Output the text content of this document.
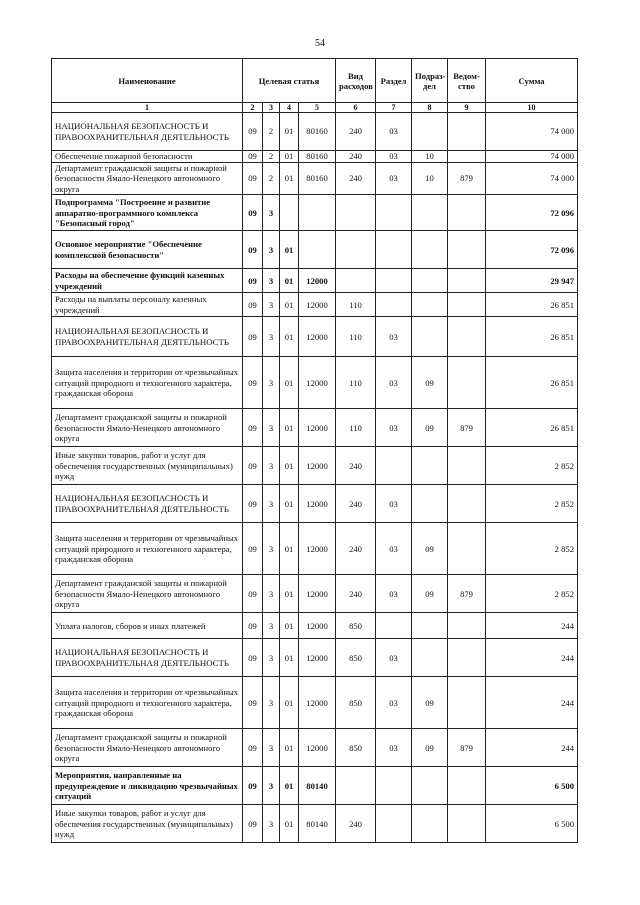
54
Наименование	Целевая статья				Вид расходов	Раздел	Подраз- дел	Ведом- ство	Сумма
1	2	3	4	5	6	7	8	9	10
НАЦИОНАЛЬНАЯ БЕЗОПАСНОСТЬ И ПРАВООХРАНИТЕЛЬНАЯ ДЕЯТЕЛЬНОСТЬ	09	2	01	80160	240	03			74 000
Обеспечение пожарной безопасности	09	2	01	80160	240	03	10		74 000
Департамент гражданской защиты и пожарной безопасности Ямало-Ненецкого автономного округа	09	2	01	80160	240	03	10	879	74 000
Подпрограмма "Построение и развитие аппаратно-программного комплекса "Безопасный город"	09	3							72 096
Основное мероприятие "Обеспечение комплексной безопасности"	09	3	01						72 096
Расходы на обеспечение функций казенных учреждений	09	3	01	12000					29 947
Расходы на выплаты персоналу казенных учреждений	09	3	01	12000	110				26 851
НАЦИОНАЛЬНАЯ БЕЗОПАСНОСТЬ И ПРАВООХРАНИТЕЛЬНАЯ ДЕЯТЕЛЬНОСТЬ	09	3	01	12000	110	03			26 851
Защита населения и территории от чрезвычайных ситуаций природного и техногенного характера, гражданская оборона	09	3	01	12000	110	03	09		26 851
Департамент гражданской защиты и пожарной безопасности Ямало-Ненецкого автономного округа	09	3	01	12000	110	03	09	879	26 851
Иные закупки товаров, работ и услуг для обеспечения государственных (муниципальных) нужд	09	3	01	12000	240				2 852
НАЦИОНАЛЬНАЯ БЕЗОПАСНОСТЬ И ПРАВООХРАНИТЕЛЬНАЯ ДЕЯТЕЛЬНОСТЬ	09	3	01	12000	240	03			2 852
Защита населения и территории от чрезвычайных ситуаций природного и техногенного характера, гражданская оборона	09	3	01	12000	240	03	09		2 852
Департамент гражданской защиты и пожарной безопасности Ямало-Ненецкого автономного округа	09	3	01	12000	240	03	09	879	2 852
Уплата налогов, сборов и иных платежей	09	3	01	12000	850				244
НАЦИОНАЛЬНАЯ БЕЗОПАСНОСТЬ И ПРАВООХРАНИТЕЛЬНАЯ ДЕЯТЕЛЬНОСТЬ	09	3	01	12000	850	03			244
Защита населения и территории от чрезвычайных ситуаций природного и техногенного характера, гражданская оборона	09	3	01	12000	850	03	09		244
Департамент гражданской защиты и пожарной безопасности Ямало-Ненецкого автономного округа	09	3	01	12000	850	03	09	879	244
Мероприятия, направленные на предупреждение и ликвидацию чрезвычайных ситуаций	09	3	01	80140					6 500
Иные закупки товаров, работ и услуг для обеспечения государственных (муниципальных) нужд	09	3	01	80140	240				6 500
